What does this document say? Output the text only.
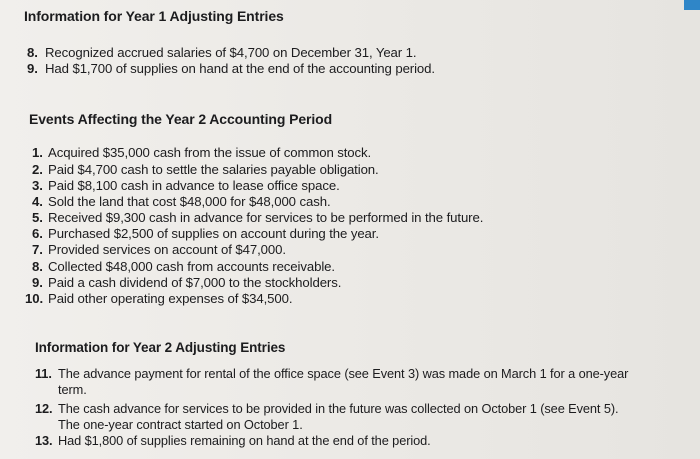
Information for Year 1 Adjusting Entries
8. Recognized accrued salaries of $4,700 on December 31, Year 1.
9. Had $1,700 of supplies on hand at the end of the accounting period.
Events Affecting the Year 2 Accounting Period
1. Acquired $35,000 cash from the issue of common stock.
2. Paid $4,700 cash to settle the salaries payable obligation.
3. Paid $8,100 cash in advance to lease office space.
4. Sold the land that cost $48,000 for $48,000 cash.
5. Received $9,300 cash in advance for services to be performed in the future.
6. Purchased $2,500 of supplies on account during the year.
7. Provided services on account of $47,000.
8. Collected $48,000 cash from accounts receivable.
9. Paid a cash dividend of $7,000 to the stockholders.
10. Paid other operating expenses of $34,500.
Information for Year 2 Adjusting Entries
11. The advance payment for rental of the office space (see Event 3) was made on March 1 for a one-year
term.
12. The cash advance for services to be provided in the future was collected on October 1 (see Event 5).
The one-year contract started on October 1.
13. Had $1,800 of supplies remaining on hand at the end of the period.
